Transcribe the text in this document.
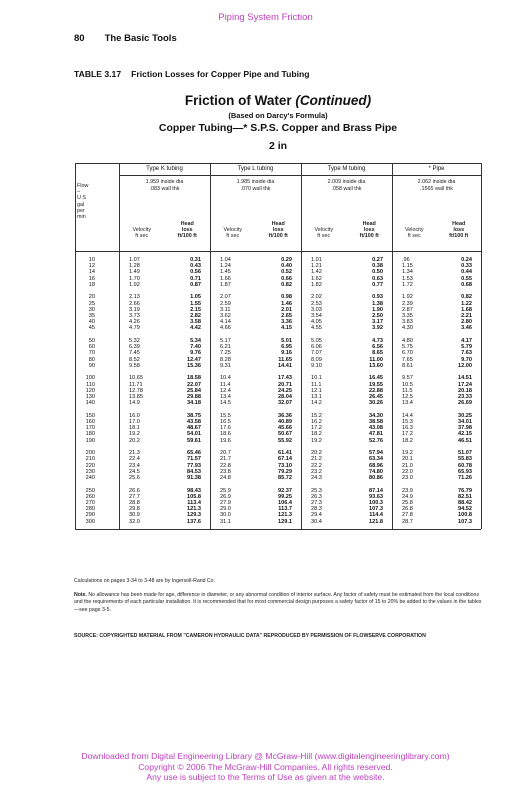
Piping System Friction
80 The Basic Tools
TABLE 3.17 Friction Losses for Copper Pipe and Tubing
Friction of Water (Continued)
(Based on Darcy's Formula)
Copper Tubing—* S.P.S. Copper and Brass Pipe
2 in
Type K tubing
1.959 inside dia
.083 wall thk
Velocity
ft sec
Head
loss
ft/100 ft
Type L tubing
1.985 inside dia
.070 wall thk
Velocity
ft sec
Head
loss
ft/100 ft
Type M tubing
2.009 inside dia
.058 wall thk
Velocity
ft sec
Head
loss
ft/100 ft
* Pipe
2.062 inside dia
.1565 wall thk
Velocity
ft sec
Head
loss
ft/100 ft
Flow
–
U S
gal
per
min
10	1.07	0.31	1.04	0.29	1.01	0.27	.96	0.24
12	1.28	0.43	1.24	0.40	1.21	0.38	1.15	0.33
14	1.49	0.56	1.45	0.52	1.42	0.50	1.34	0.44
16	1.70	0.71	1.66	0.66	1.62	0.63	1.53	0.55
18	1.92	0.87	1.87	0.82	1.82	0.77	1.72	0.68
20	2.13	1.05	2.07	0.98	2.02	0.93	1.92	0.82
25	2.66	1.55	2.59	1.46	2.53	1.38	2.39	1.22
30	3.19	2.15	3.11	2.01	3.03	1.90	2.87	1.68
35	3.73	2.82	3.62	2.65	3.54	2.50	3.35	2.21
40	4.26	3.58	4.14	3.36	4.05	3.17	3.83	2.80
45	4.79	4.42	4.66	4.15	4.55	3.92	4.30	3.46
50	5.32	5.34	5.17	5.01	5.05	4.73	4.80	4.17
60	6.39	7.40	6.21	6.95	6.06	6.56	5.75	5.79
70	7.45	9.76	7.25	9.16	7.07	8.65	6.70	7.63
80	8.52	12.47	8.28	11.65	8.09	11.00	7.65	9.70
90	9.58	15.36	9.31	14.41	9.10	13.60	8.61	12.00
100	10.65	18.58	10.4	17.43	10.1	16.45	9.57	14.51
110	11.71	22.07	11.4	20.71	11.1	19.55	10.5	17.24
120	12.78	25.84	12.4	24.25	12.1	22.88	11.5	20.18
130	13.85	29.88	13.4	28.04	13.1	26.45	12.5	23.33
140	14.9	34.18	14.5	32.07	14.2	30.26	13.4	26.69
150	16.0	38.75	15.5	36.36	15.2	34.30	14.4	30.25
160	17.0	43.58	16.5	40.89	16.2	38.58	15.3	34.01
170	18.1	48.67	17.6	45.66	17.2	43.08	16.3	37.98
180	19.2	54.01	18.6	50.67	18.2	47.81	17.2	42.15
190	20.2	59.61	19.6	55.92	19.2	52.76	18.2	46.51
200	21.3	65.46	20.7	61.41	20.2	57.94	19.2	51.07
210	22.4	71.57	21.7	67.14	21.2	63.34	20.1	55.83
220	23.4	77.93	22.8	73.10	22.2	68.96	21.0	60.78
230	24.5	84.53	23.8	79.29	23.2	74.80	22.0	65.93
240	25.6	91.38	24.8	85.72	24.3	80.86	23.0	71.26
250	26.6	98.43	25.9	92.37	25.3	87.14	23.9	76.79
260	27.7	105.8	26.9	99.25	26.3	93.63	24.9	82.51
270	28.8	113.4	27.9	106.4	27.3	100.3	25.8	88.42
280	29.8	121.3	29.0	113.7	28.3	107.3	26.8	94.52
290	30.9	129.3	30.0	121.3	29.4	114.4	27.8	100.8
300	32.0	137.6	31.1	129.1	30.4	121.8	28.7	107.3
Calculations on pages 3-34 to 3-48 are by Ingersoll-Rand Co.
Note. No allowance has been made for age, difference in diameter, or any abnormal condition of interior surface. Any factor of safety must be estimated from the local conditions and the requirements of each particular installation. It is recommended that for most commercial design purposes a safety factor of 15 to 20% be added to the values in the tables—see page 3-5.
SOURCE: COPYRIGHTED MATERIAL FROM "CAMERON HYDRAULIC DATA" REPRODUCED BY PERMISSION OF FLOWSERVE CORPORATION
Downloaded from Digital Engineering Library @ McGraw-Hill (www.digitalengineeringlibrary.com)
Copyright © 2006 The McGraw-Hill Companies. All rights reserved.
Any use is subject to the Terms of Use as given at the website.
